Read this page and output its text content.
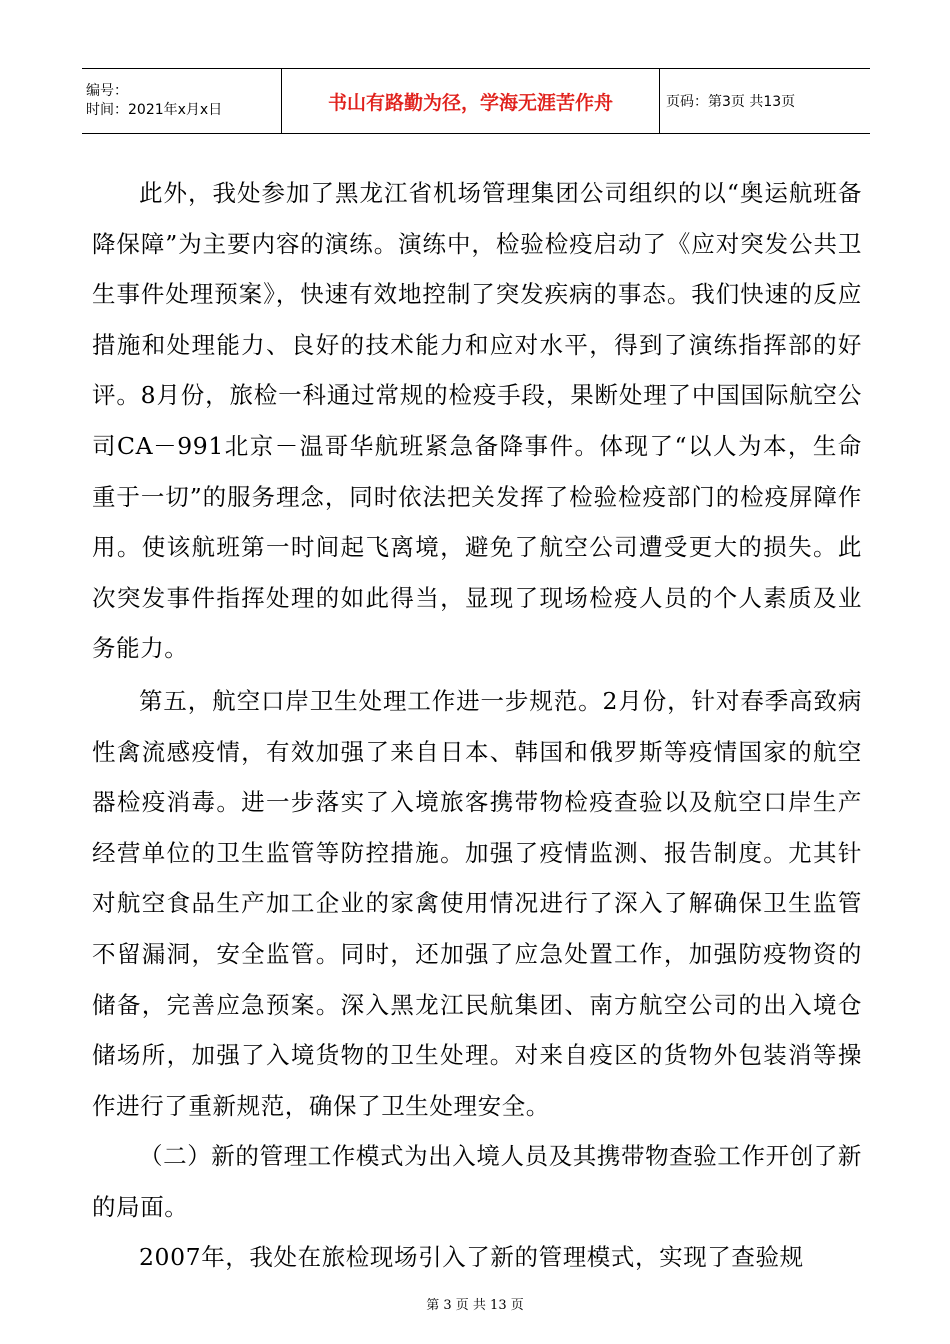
编号：
时间：2021年x月x日	书山有路勤为径，学海无涯苦作舟	页码：第3页 共13页

此外，我处参加了黑龙江省机场管理集团公司组织的以“奥运航班备降保障”为主要内容的演练。演练中，检验检疫启动了《应对突发公共卫生事件处理预案》，快速有效地控制了突发疾病的事态。我们快速的反应措施和处理能力、良好的技术能力和应对水平，得到了演练指挥部的好评。8月份，旅检一科通过常规的检疫手段，果断处理了中国国际航空公司CA－991北京－温哥华航班紧急备降事件。体现了“以人为本，生命重于一切”的服务理念，同时依法把关发挥了检验检疫部门的检疫屏障作用。使该航班第一时间起飞离境，避免了航空公司遭受更大的损失。此次突发事件指挥处理的如此得当，显现了现场检疫人员的个人素质及业务能力。

第五，航空口岸卫生处理工作进一步规范。2月份，针对春季高致病性禽流感疫情，有效加强了来自日本、韩国和俄罗斯等疫情国家的航空器检疫消毒。进一步落实了入境旅客携带物检疫查验以及航空口岸生产经营单位的卫生监管等防控措施。加强了疫情监测、报告制度。尤其针对航空食品生产加工企业的家禽使用情况进行了深入了解确保卫生监管不留漏洞，安全监管。同时，还加强了应急处置工作，加强防疫物资的储备，完善应急预案。深入黑龙江民航集团、南方航空公司的出入境仓储场所，加强了入境货物的卫生处理。对来自疫区的货物外包装消等操作进行了重新规范，确保了卫生处理安全。

（二）新的管理工作模式为出入境人员及其携带物查验工作开创了新的局面。

2007年，我处在旅检现场引入了新的管理模式，实现了查验规

第 3 页 共 13 页
